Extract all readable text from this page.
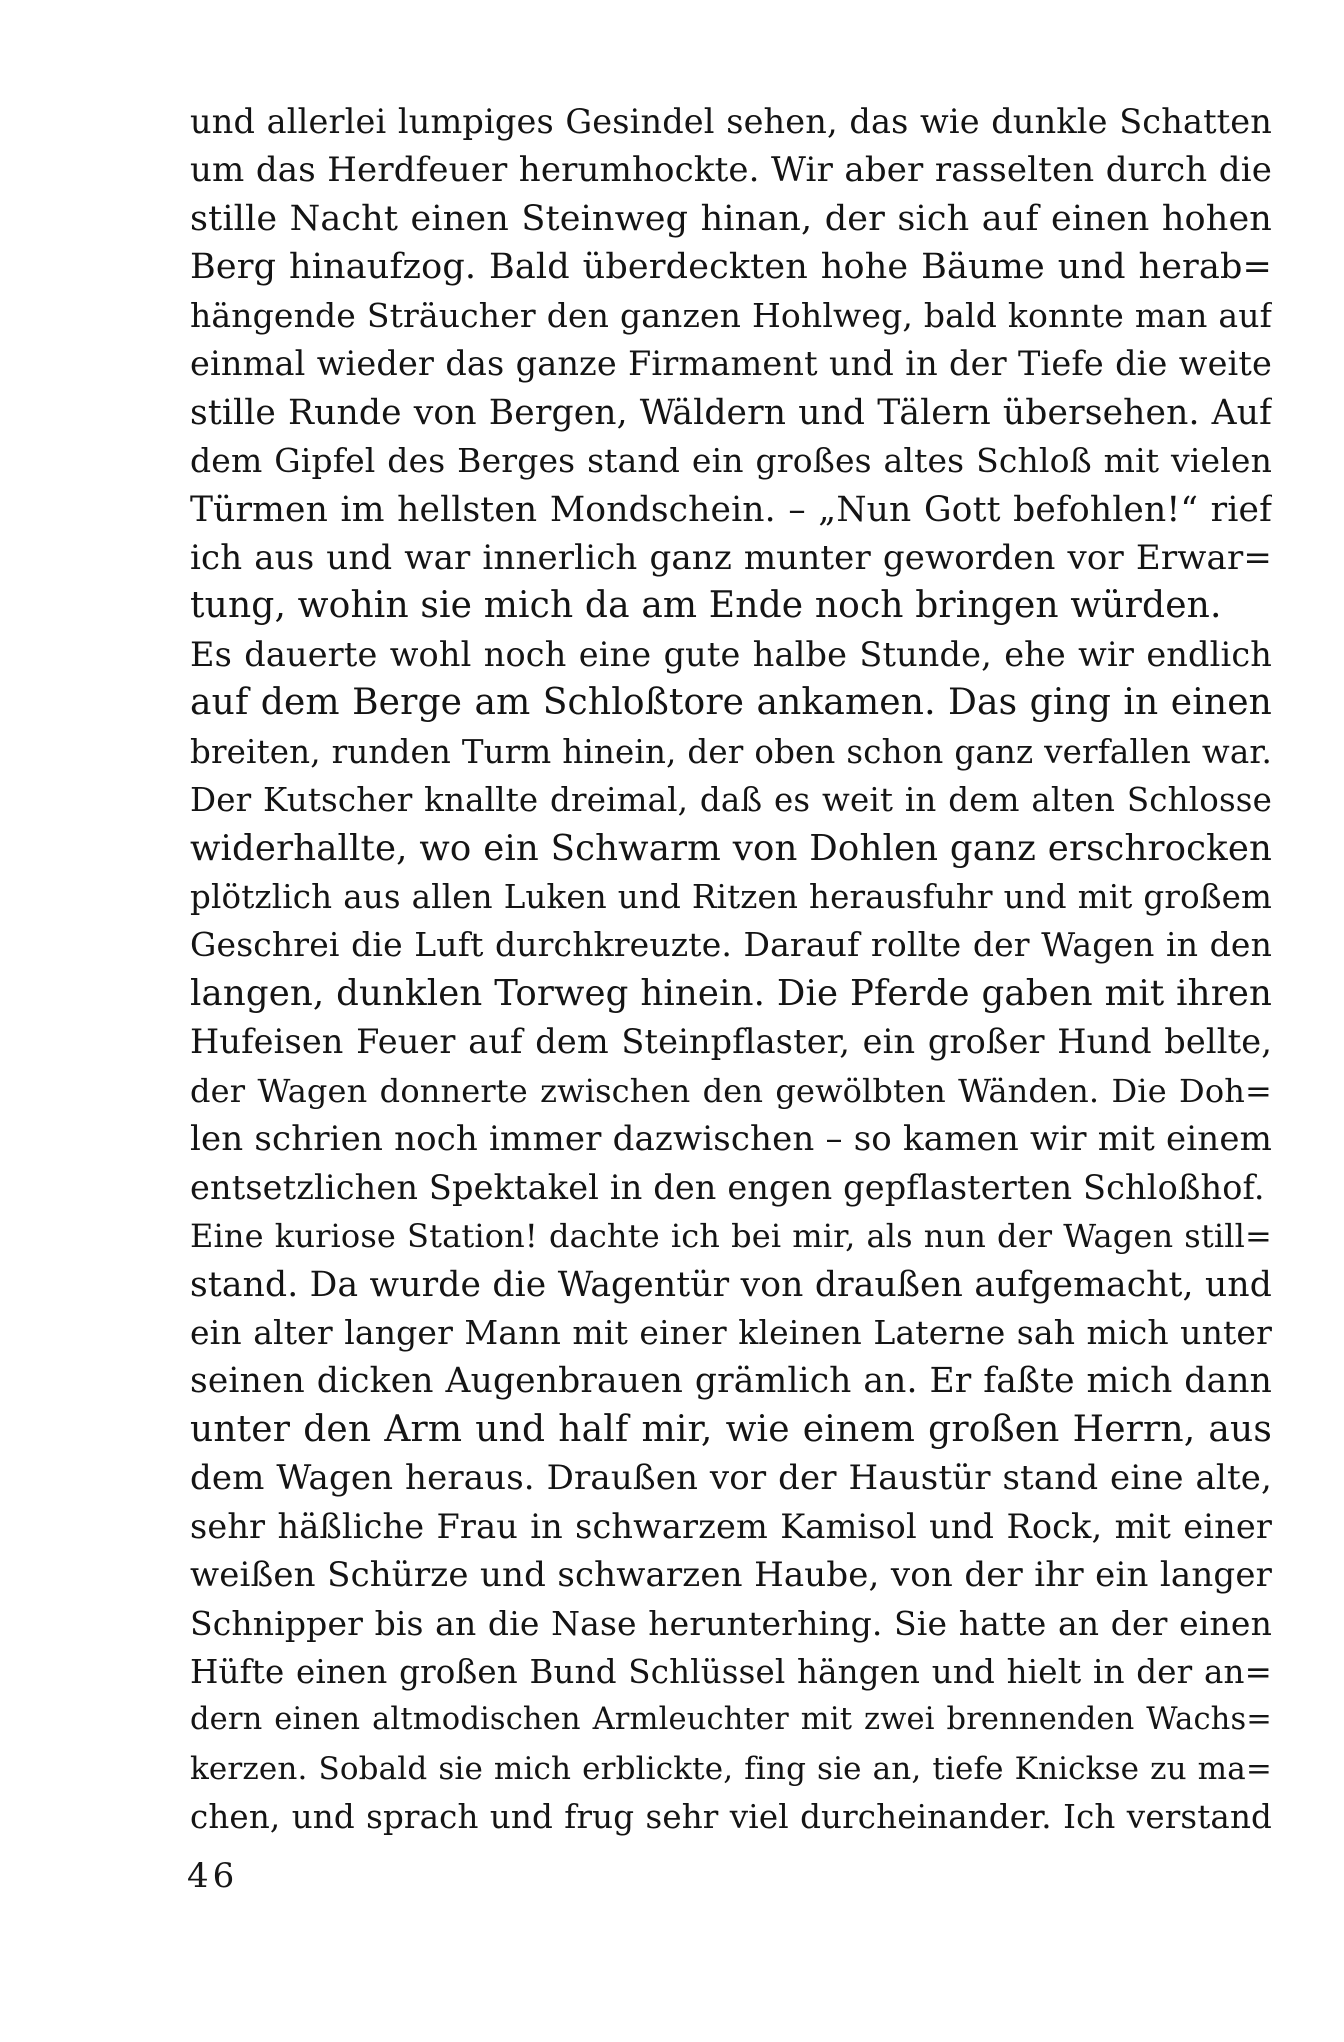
und allerlei lumpiges Gesindel sehen, das wie dunkle Schatten
um das Herdfeuer herumhockte. Wir aber rasselten durch die
stille Nacht einen Steinweg hinan, der sich auf einen hohen
Berg hinaufzog. Bald überdeckten hohe Bäume und herab=
hängende Sträucher den ganzen Hohlweg, bald konnte man auf
einmal wieder das ganze Firmament und in der Tiefe die weite
stille Runde von Bergen, Wäldern und Tälern übersehen. Auf
dem Gipfel des Berges stand ein großes altes Schloß mit vielen
Türmen im hellsten Mondschein. – „Nun Gott befohlen!“ rief
ich aus und war innerlich ganz munter geworden vor Erwar=
tung, wohin sie mich da am Ende noch bringen würden.
Es dauerte wohl noch eine gute halbe Stunde, ehe wir endlich
auf dem Berge am Schloßtore ankamen. Das ging in einen
breiten, runden Turm hinein, der oben schon ganz verfallen war.
Der Kutscher knallte dreimal, daß es weit in dem alten Schlosse
widerhallte, wo ein Schwarm von Dohlen ganz erschrocken
plötzlich aus allen Luken und Ritzen herausfuhr und mit großem
Geschrei die Luft durchkreuzte. Darauf rollte der Wagen in den
langen, dunklen Torweg hinein. Die Pferde gaben mit ihren
Hufeisen Feuer auf dem Steinpflaster, ein großer Hund bellte,
der Wagen donnerte zwischen den gewölbten Wänden. Die Doh=
len schrien noch immer dazwischen – so kamen wir mit einem
entsetzlichen Spektakel in den engen gepflasterten Schloßhof.
Eine kuriose Station! dachte ich bei mir, als nun der Wagen still=
stand. Da wurde die Wagentür von draußen aufgemacht, und
ein alter langer Mann mit einer kleinen Laterne sah mich unter
seinen dicken Augenbrauen grämlich an. Er faßte mich dann
unter den Arm und half mir, wie einem großen Herrn, aus
dem Wagen heraus. Draußen vor der Haustür stand eine alte,
sehr häßliche Frau in schwarzem Kamisol und Rock, mit einer
weißen Schürze und schwarzen Haube, von der ihr ein langer
Schnipper bis an die Nase herunterhing. Sie hatte an der einen
Hüfte einen großen Bund Schlüssel hängen und hielt in der an=
dern einen altmodischen Armleuchter mit zwei brennenden Wachs=
kerzen. Sobald sie mich erblickte, fing sie an, tiefe Knickse zu ma=
chen, und sprach und frug sehr viel durcheinander. Ich verstand
46
